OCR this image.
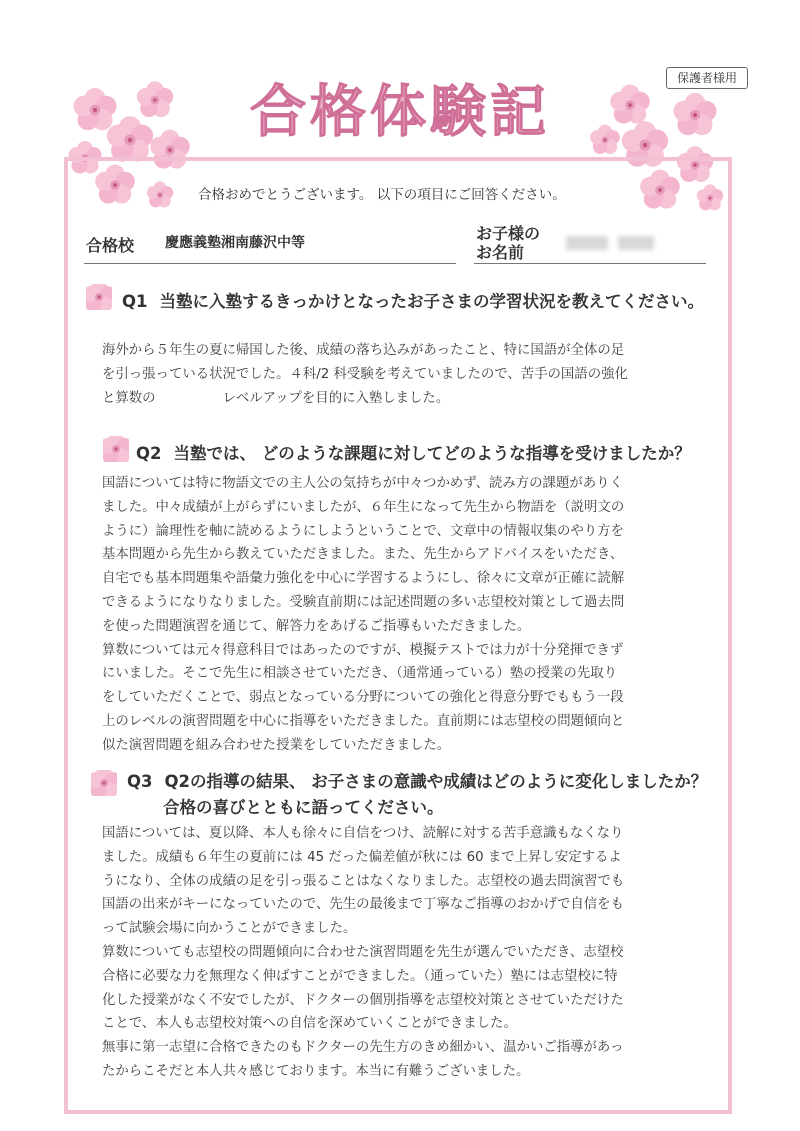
保護者様用
合格体験記
合格おめでとうございます。 以下の項目にご回答ください。
合格校 慶應義塾湘南藤沢中等	お子様の
お名前
Q1 当塾に入塾するきっかけとなったお子さまの学習状況を教えてください。
海外から５年生の夏に帰国した後、成績の落ち込みがあったこと、特に国語が全体の足
を引っ張っている状況でした。４科/2 科受験を考えていましたので、苦手の国語の強化
と算数の　　　　　レベルアップを目的に入塾しました。
Q2 当塾では、 どのような課題に対してどのような指導を受けましたか？
国語については特に物語文での主人公の気持ちが中々つかめず、読み方の課題がありく
ました。中々成績が上がらずにいましたが、６年生になって先生から物語を（説明文の
ように）論理性を軸に読めるようにしようということで、文章中の情報収集のやり方を
基本問題から先生から教えていただきました。また、先生からアドバイスをいただき、
自宅でも基本問題集や語彙力強化を中心に学習するようにし、徐々に文章が正確に読解
できるようになりなりました。受験直前期には記述問題の多い志望校対策として過去問
を使った問題演習を通じて、解答力をあげるご指導もいただきました。
算数については元々得意科目ではあったのですが、模擬テストでは力が十分発揮できず
にいました。そこで先生に相談させていただき、（通常通っている）塾の授業の先取り
をしていただくことで、弱点となっている分野についての強化と得意分野でももう一段
上のレベルの演習問題を中心に指導をいただきました。直前期には志望校の問題傾向と
似た演習問題を組み合わせた授業をしていただきました。
Q3 Q2の指導の結果、 お子さまの意識や成績はどのように変化しましたか？
合格の喜びとともに語ってください。
国語については、夏以降、本人も徐々に自信をつけ、読解に対する苦手意識もなくなり
ました。成績も６年生の夏前には 45 だった偏差値が秋には 60 まで上昇し安定するよ
うになり、全体の成績の足を引っ張ることはなくなりました。志望校の過去問演習でも
国語の出来がキーになっていたので、先生の最後まで丁寧なご指導のおかげで自信をも
って試験会場に向かうことができました。
算数についても志望校の問題傾向に合わせた演習問題を先生が選んでいただき、志望校
合格に必要な力を無理なく伸ばすことができました。（通っていた）塾には志望校に特
化した授業がなく不安でしたが、ドクターの個別指導を志望校対策とさせていただけた
ことで、本人も志望校対策への自信を深めていくことができました。
無事に第一志望に合格できたのもドクターの先生方のきめ細かい、温かいご指導があっ
たからこそだと本人共々感じております。本当に有難うございました。
